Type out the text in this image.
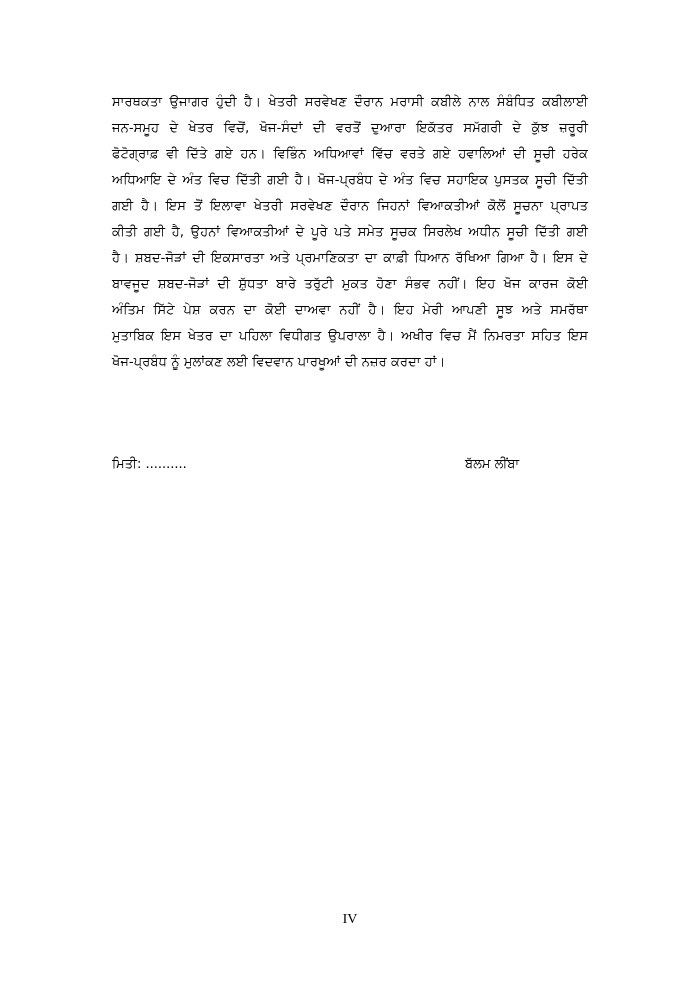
ਸਾਰਥਕਤਾ ਉਜਾਗਰ ਹੁੰਦੀ ਹੈ। ਖੇਤਰੀ ਸਰਵੇਖਣ ਦੌਰਾਨ ਮਰਾਸੀ ਕਬੀਲੇ ਨਾਲ ਸੰਬੰਧਿਤ ਕਬੀਲਾਈ
ਜਨ-ਸਮੂਹ ਦੇ ਖੇਤਰ ਵਿਚੋਂ, ਖੋਜ-ਸੰਦਾਂ ਦੀ ਵਰਤੋਂ ਦੁਆਰਾ ਇਕੱਤਰ ਸਮੱਗਰੀ ਦੇ ਕੁੱਝ ਜ਼ਰੂਰੀ
ਫੋਟੋਗ੍ਰਾਫ਼ ਵੀ ਦਿੱਤੇ ਗਏ ਹਨ। ਵਿਭਿੰਨ ਅਧਿਆਵਾਂ ਵਿੱਚ ਵਰਤੇ ਗਏ ਹਵਾਲਿਆਂ ਦੀ ਸੂਚੀ ਹਰੇਕ
ਅਧਿਆਇ ਦੇ ਅੰਤ ਵਿਚ ਦਿੱਤੀ ਗਈ ਹੈ। ਖੋਜ-ਪ੍ਰਬੰਧ ਦੇ ਅੰਤ ਵਿਚ ਸਹਾਇਕ ਪੁਸਤਕ ਸੂਚੀ ਦਿੱਤੀ
ਗਈ ਹੈ। ਇਸ ਤੋਂ ਇਲਾਵਾ ਖੇਤਰੀ ਸਰਵੇਖਣ ਦੌਰਾਨ ਜਿਹਨਾਂ ਵਿਆਕਤੀਆਂ ਕੋਲੋਂ ਸੂਚਨਾ ਪ੍ਰਾਪਤ
ਕੀਤੀ ਗਈ ਹੈ, ਉਹਨਾਂ ਵਿਆਕਤੀਆਂ ਦੇ ਪੂਰੇ ਪਤੇ ਸਮੇਤ ਸੂਚਕ ਸਿਰਲੇਖ ਅਧੀਨ ਸੂਚੀ ਦਿੱਤੀ ਗਈ
ਹੈ। ਸ਼ਬਦ-ਜੋੜਾਂ ਦੀ ਇਕਸਾਰਤਾ ਅਤੇ ਪ੍ਰਮਾਣਿਕਤਾ ਦਾ ਕਾਫ਼ੀ ਧਿਆਨ ਰੱਖਿਆ ਗਿਆ ਹੈ। ਇਸ ਦੇ
ਬਾਵਜੂਦ ਸ਼ਬਦ-ਜੋੜਾਂ ਦੀ ਸ਼ੁੱਧਤਾ ਬਾਰੇ ਤਰੁੱਟੀ ਮੁਕਤ ਹੋਣਾ ਸੰਭਵ ਨਹੀਂ। ਇਹ ਖੋਜ ਕਾਰਜ ਕੋਈ
ਅੰਤਿਮ ਸਿੱਟੇ ਪੇਸ਼ ਕਰਨ ਦਾ ਕੋਈ ਦਾਅਵਾ ਨਹੀਂ ਹੈ। ਇਹ ਮੇਰੀ ਆਪਣੀ ਸੂਝ ਅਤੇ ਸਮਰੱਥਾ
ਮੁਤਾਬਿਕ ਇਸ ਖੇਤਰ ਦਾ ਪਹਿਲਾ ਵਿਧੀਗਤ ਉਪਰਾਲਾ ਹੈ। ਅਖੀਰ ਵਿਚ ਮੈਂ ਨਿਮਰਤਾ ਸਹਿਤ ਇਸ
ਖੋਜ-ਪ੍ਰਬੰਧ ਨੂੰ ਮੁਲਾਂਕਣ ਲਈ ਵਿਦਵਾਨ ਪਾਰਖੂਆਂ ਦੀ ਨਜ਼ਰ ਕਰਦਾ ਹਾਂ।
ਮਿਤੀ: ..........	ਬੱਲਮ ਲੀਂਬਾ
IV
